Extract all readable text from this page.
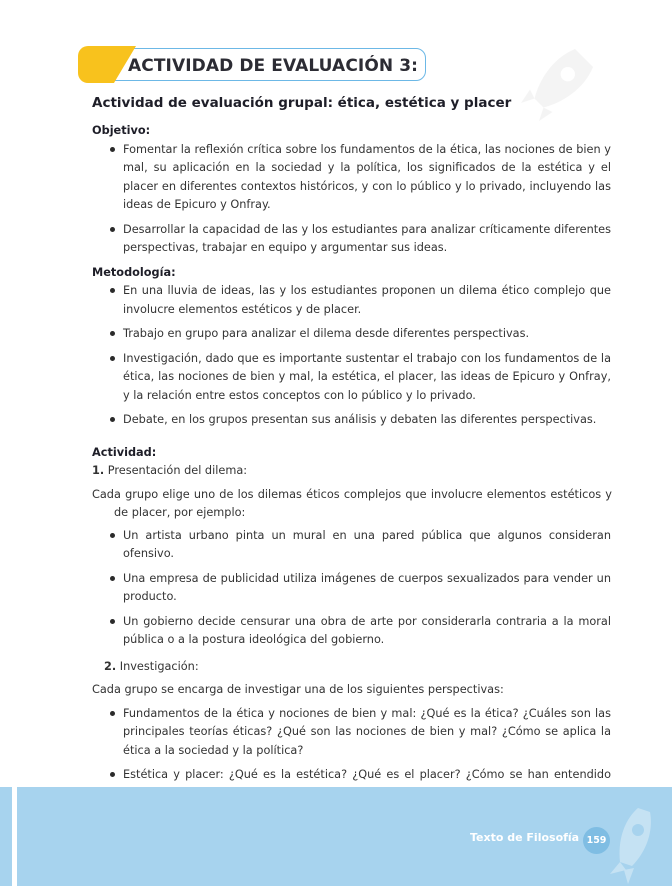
ACTIVIDAD DE EVALUACIÓN 3:
Actividad de evaluación grupal: ética, estética y placer

Objetivo:

Fomentar la reflexión crítica sobre los fundamentos de la ética, las nociones de bien y mal, su aplicación en la sociedad y la política, los significados de la estética y el placer en diferentes contextos históricos, y con lo público y lo privado, incluyendo las ideas de Epicuro y Onfray.
Desarrollar la capacidad de las y los estudiantes para analizar críticamente diferentes perspectivas, trabajar en equipo y argumentar sus ideas.

Metodología:

En una lluvia de ideas, las y los estudiantes proponen un dilema ético complejo que involucre elementos estéticos y de placer.
Trabajo en grupo para analizar el dilema desde diferentes perspectivas.
Investigación, dado que es importante sustentar el trabajo con los fundamentos de la ética, las nociones de bien y mal, la estética, el placer, las ideas de Epicuro y Onfray, y la relación entre estos conceptos con lo público y lo privado.
Debate, en los grupos presentan sus análisis y debaten las diferentes perspectivas.

Actividad:

1. Presentación del dilema:

Cada grupo elige uno de los dilemas éticos complejos que involucre elementos estéticos y de placer, por ejemplo:

Un artista urbano pinta un mural en una pared pública que algunos consideran ofensivo.
Una empresa de publicidad utiliza imágenes de cuerpos sexualizados para vender un producto.
Un gobierno decide censurar una obra de arte por considerarla contraria a la moral pública o a la postura ideológica del gobierno.

2. Investigación:

Cada grupo se encarga de investigar una de los siguientes perspectivas:

Fundamentos de la ética y nociones de bien y mal: ¿Qué es la ética? ¿Cuáles son las principales teorías éticas? ¿Qué son las nociones de bien y mal? ¿Cómo se aplica la ética a la sociedad y la política?
Estética y placer: ¿Qué es la estética? ¿Qué es el placer? ¿Cómo se han entendido
Texto de Filosofía 159
